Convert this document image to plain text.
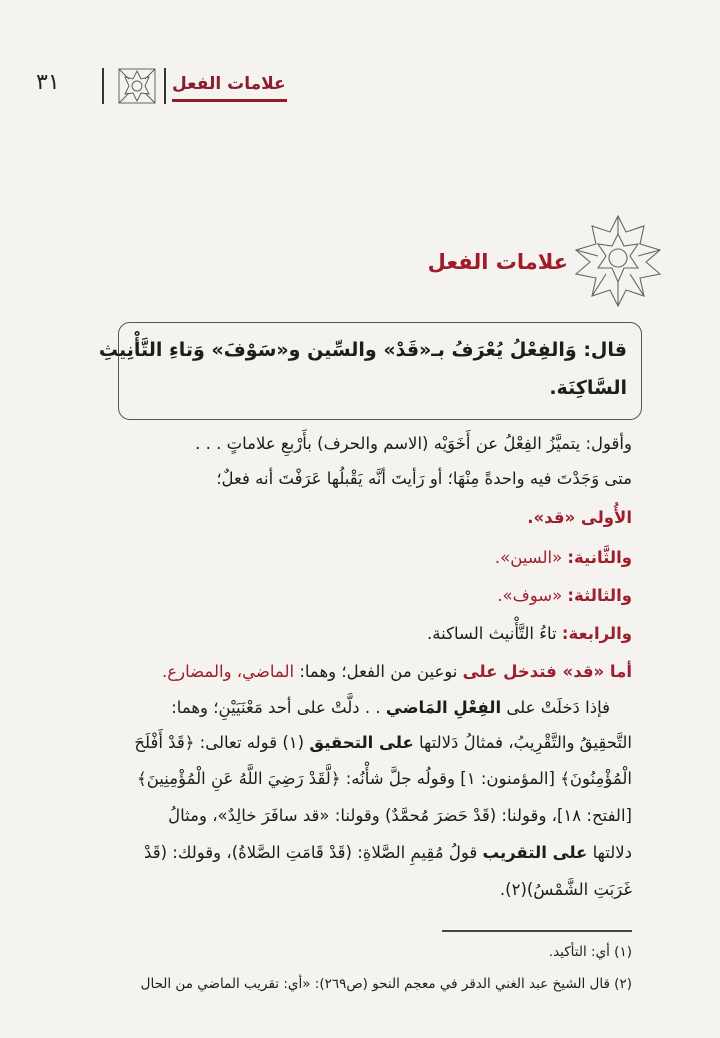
٣١	علامات الفعل
علامات الفعل
قال: وَالفِعْلُ يُعْرَفُ بـ«قَدْ» والسِّين و«سَوْفَ» وَتاءِ التَّأْنِيثِ
السَّاكِنَة.
وأقول: يتميَّزُ الفِعْلُ عن أَخَوَيْه (الاسم والحرف) بأَرْبعِ علاماتٍ . . .
متى وَجَدْتَ فيه واحدةً مِنْهَا؛ أو رَأيتَ أنَّه يَقْبلُها عَرَفْتَ أنه فعلٌ؛
الأُولى «قد».
والثَّانية: «السين».
والثالثة: «سوف».
والرابعة: تاءُ التَّأْنيث الساكنة.
أما «قد» فتدخل على نوعين من الفعل؛ وهما: الماضي، والمضارع.
فإذا دَخلَتْ على الفِعْلِ المَاضي . . دلَّتْ على أحد مَعْنَيَيْنِ؛ وهما:
التَّحقِيقُ والتَّقْرِيبُ، فمثالُ دَلالتها على التحقيق (١) قوله تعالى: ﴿قَدْ أَفْلَحَ
الْمُؤْمِنُونَ﴾ [المؤمنون: ١] وقولُه جلَّ شأْنُه: ﴿لَّقَدْ رَضِيَ اللَّهُ عَنِ الْمُؤْمِنِينَ﴾
[الفتح: ١٨]، وقولنا: (قَدْ حَضرَ مُحمَّدٌ) وقولنا: «قد سافَرَ خالِدٌ»، ومثالُ
دلالتها على التقريب قولُ مُقِيمِ الصَّلاةِ: (قَدْ قَامَتِ الصَّلاةُ)، وقولك: (قَدْ
غَرَبَتِ الشَّمْسُ)(٢).
(١) أي: التأكيد.
(٢) قال الشيخ عبد الغني الدقر في معجم النحو (ص٢٦٩): «أي: تقريب الماضي من الحال
